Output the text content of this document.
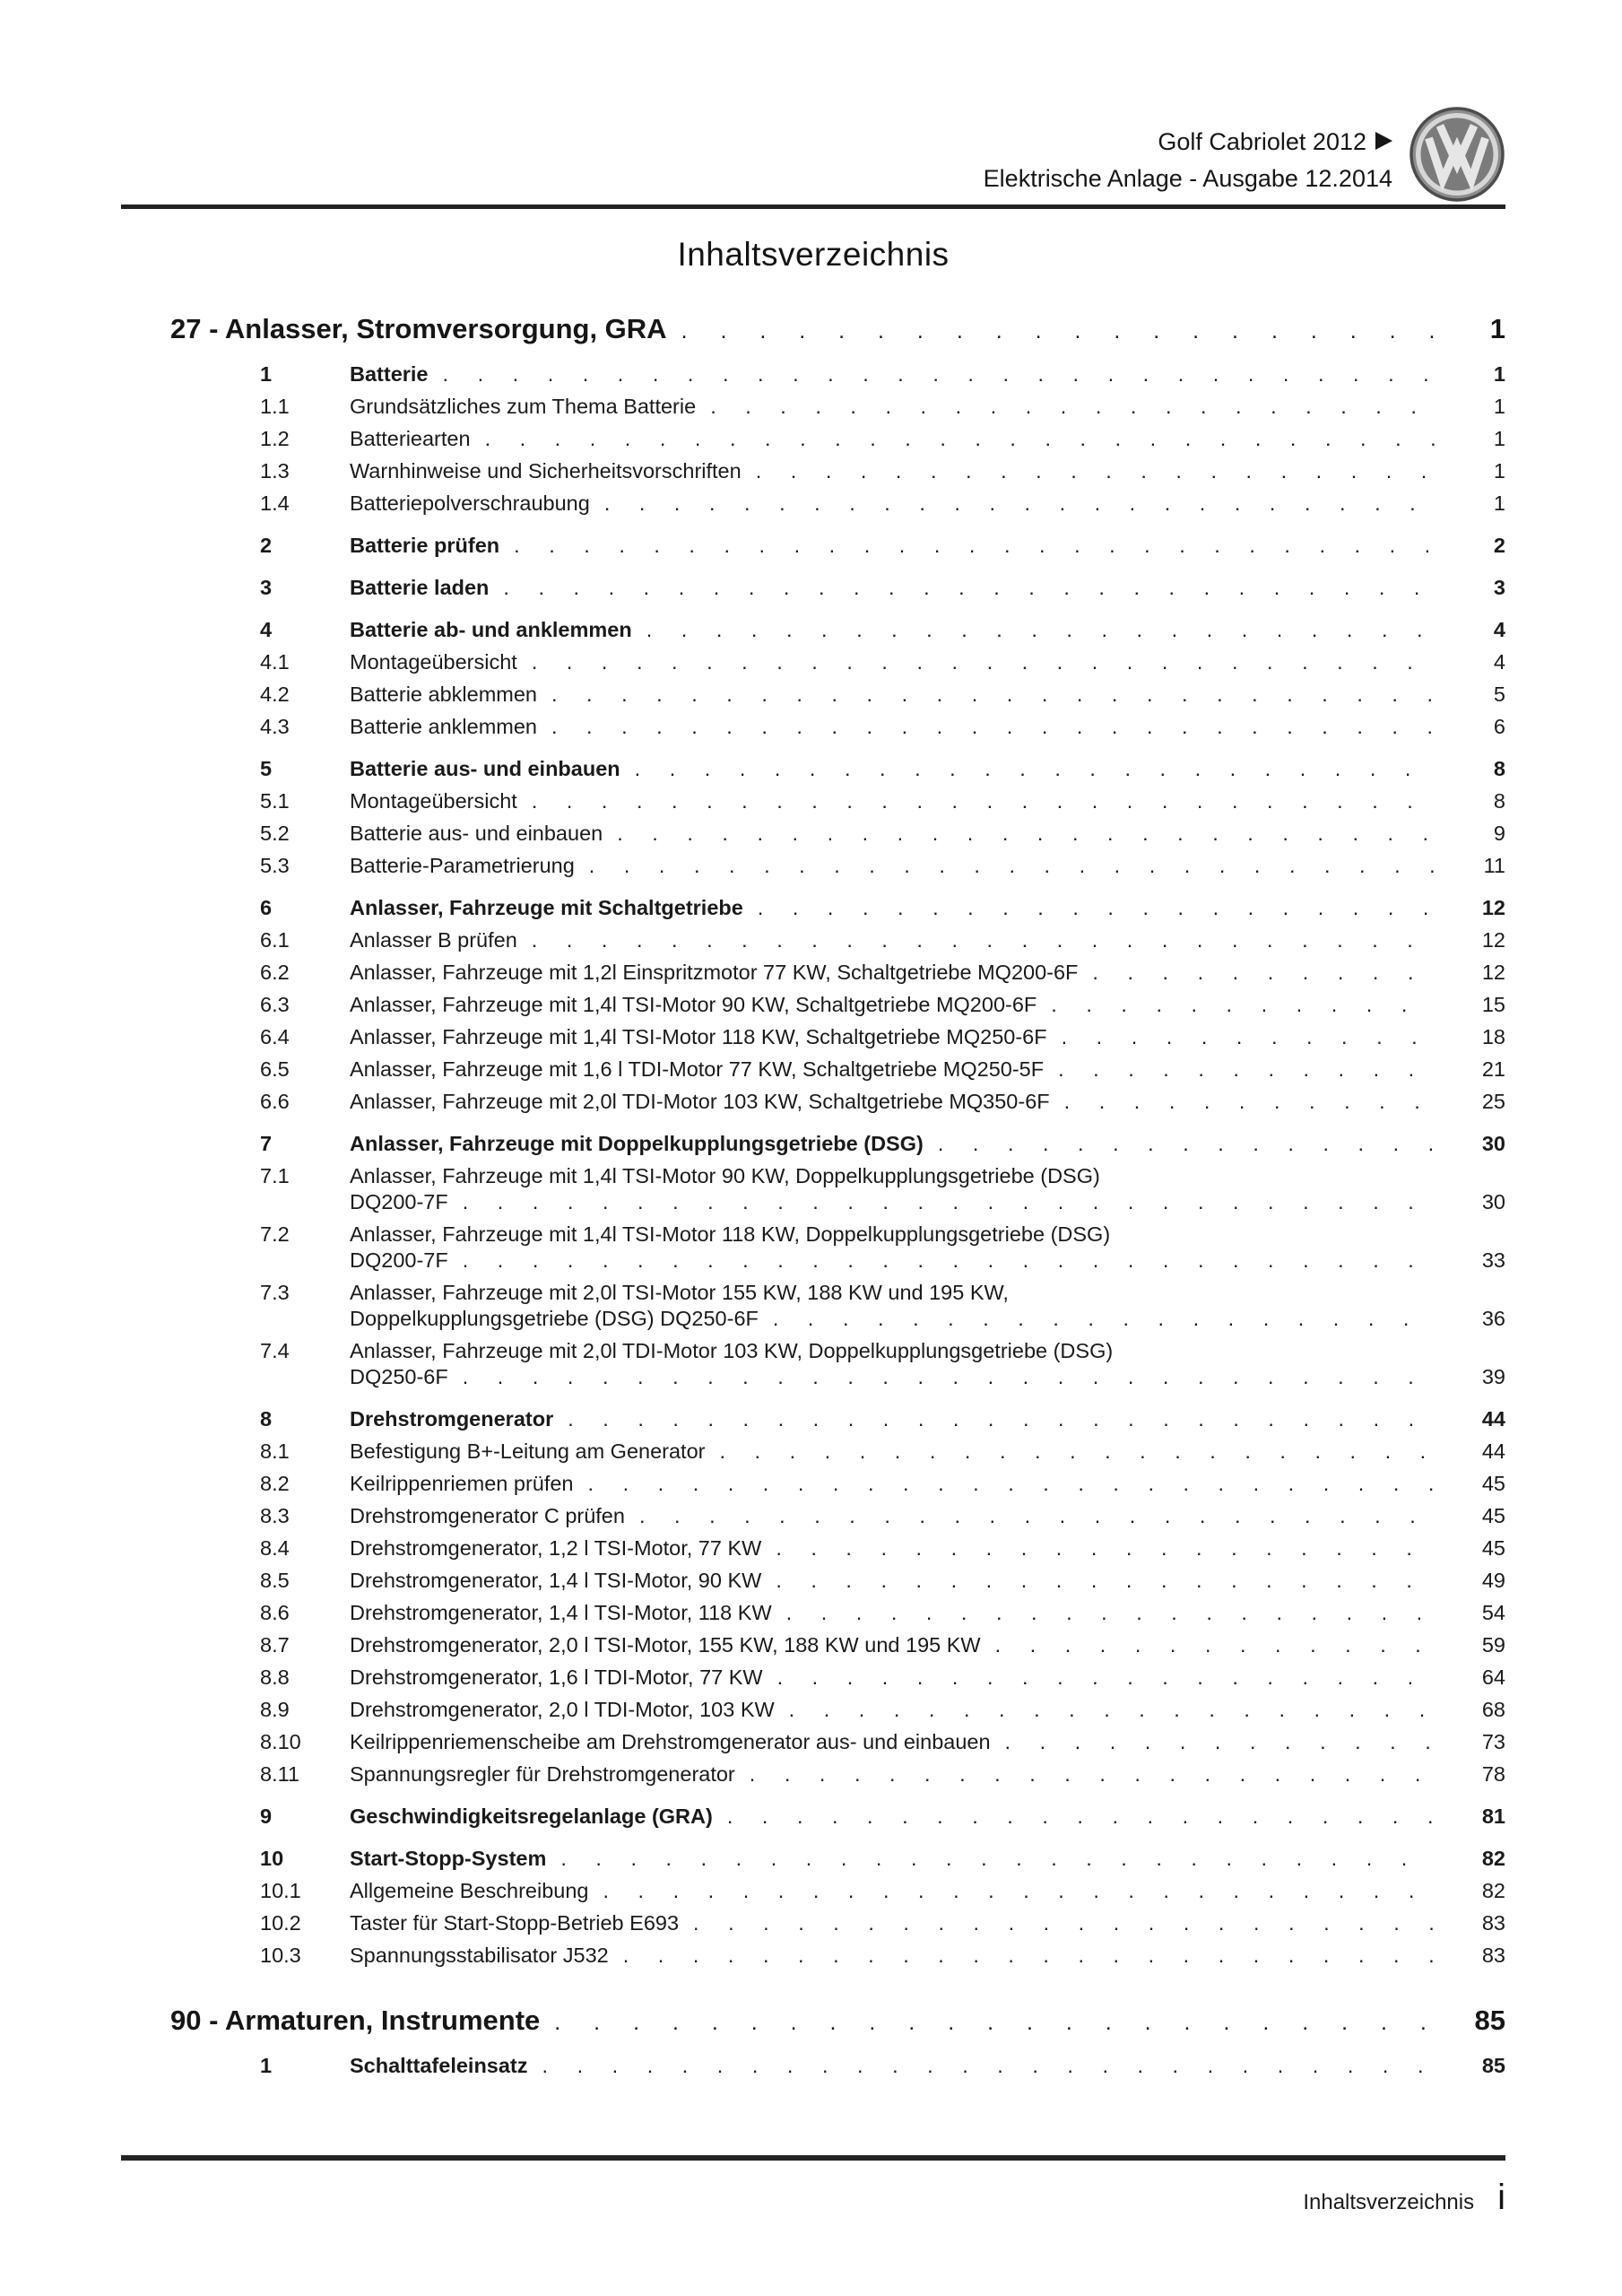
Golf Cabriolet 2012
Elektrische Anlage - Ausgabe 12.2014
Inhaltsverzeichnis
27 - Anlasser, Stromversorgung, GRA . . .	1
1	Batterie . . .	1
1.1	Grundsätzliches zum Thema Batterie . . .	1
1.2	Batteriearten . . .	1
1.3	Warnhinweise und Sicherheitsvorschriften . . .	1
1.4	Batteriepolverschraubung . . .	1
2	Batterie prüfen . . .	2
3	Batterie laden . . .	3
4	Batterie ab- und anklemmen . . .	4
4.1	Montageübersicht . . .	4
4.2	Batterie abklemmen . . .	5
4.3	Batterie anklemmen . . .	6
5	Batterie aus- und einbauen . . .	8
5.1	Montageübersicht . . .	8
5.2	Batterie aus- und einbauen . . .	9
5.3	Batterie-Parametrierung . . .	11
6	Anlasser, Fahrzeuge mit Schaltgetriebe . . .	12
6.1	Anlasser B prüfen . . .	12
6.2	Anlasser, Fahrzeuge mit 1,2l Einspritzmotor 77 KW, Schaltgetriebe MQ200-6F . . .	12
6.3	Anlasser, Fahrzeuge mit 1,4l TSI-Motor 90 KW, Schaltgetriebe MQ200-6F . . .	15
6.4	Anlasser, Fahrzeuge mit 1,4l TSI-Motor 118 KW, Schaltgetriebe MQ250-6F . . .	18
6.5	Anlasser, Fahrzeuge mit 1,6 l TDI-Motor 77 KW, Schaltgetriebe MQ250-5F . . .	21
6.6	Anlasser, Fahrzeuge mit 2,0l TDI-Motor 103 KW, Schaltgetriebe MQ350-6F . . .	25
7	Anlasser, Fahrzeuge mit Doppelkupplungsgetriebe (DSG) . . .	30
7.1	Anlasser, Fahrzeuge mit 1,4l TSI-Motor 90 KW, Doppelkupplungsgetriebe (DSG)
DQ200-7F . . .	30
7.2	Anlasser, Fahrzeuge mit 1,4l TSI-Motor 118 KW, Doppelkupplungsgetriebe (DSG)
DQ200-7F . . .	33
7.3	Anlasser, Fahrzeuge mit 2,0l TSI-Motor 155 KW, 188 KW und 195 KW,
Doppelkupplungsgetriebe (DSG) DQ250-6F . . .	36
7.4	Anlasser, Fahrzeuge mit 2,0l TDI-Motor 103 KW, Doppelkupplungsgetriebe (DSG)
DQ250-6F . . .	39
8	Drehstromgenerator . . .	44
8.1	Befestigung B+-Leitung am Generator . . .	44
8.2	Keilrippenriemen prüfen . . .	45
8.3	Drehstromgenerator C prüfen . . .	45
8.4	Drehstromgenerator, 1,2 l TSI-Motor, 77 KW . . .	45
8.5	Drehstromgenerator, 1,4 l TSI-Motor, 90 KW . . .	49
8.6	Drehstromgenerator, 1,4 l TSI-Motor, 118 KW . . .	54
8.7	Drehstromgenerator, 2,0 l TSI-Motor, 155 KW, 188 KW und 195 KW . . .	59
8.8	Drehstromgenerator, 1,6 l TDI-Motor, 77 KW . . .	64
8.9	Drehstromgenerator, 2,0 l TDI-Motor, 103 KW . . .	68
8.10	Keilrippenriemenscheibe am Drehstromgenerator aus- und einbauen . . .	73
8.11	Spannungsregler für Drehstromgenerator . . .	78
9	Geschwindigkeitsregelanlage (GRA) . . .	81
10	Start-Stopp-System . . .	82
10.1	Allgemeine Beschreibung . . .	82
10.2	Taster für Start-Stopp-Betrieb E693 . . .	83
10.3	Spannungsstabilisator J532 . . .	83
90 - Armaturen, Instrumente . . .	85
1	Schalttafeleinsatz . . .	85
Inhaltsverzeichnis i
